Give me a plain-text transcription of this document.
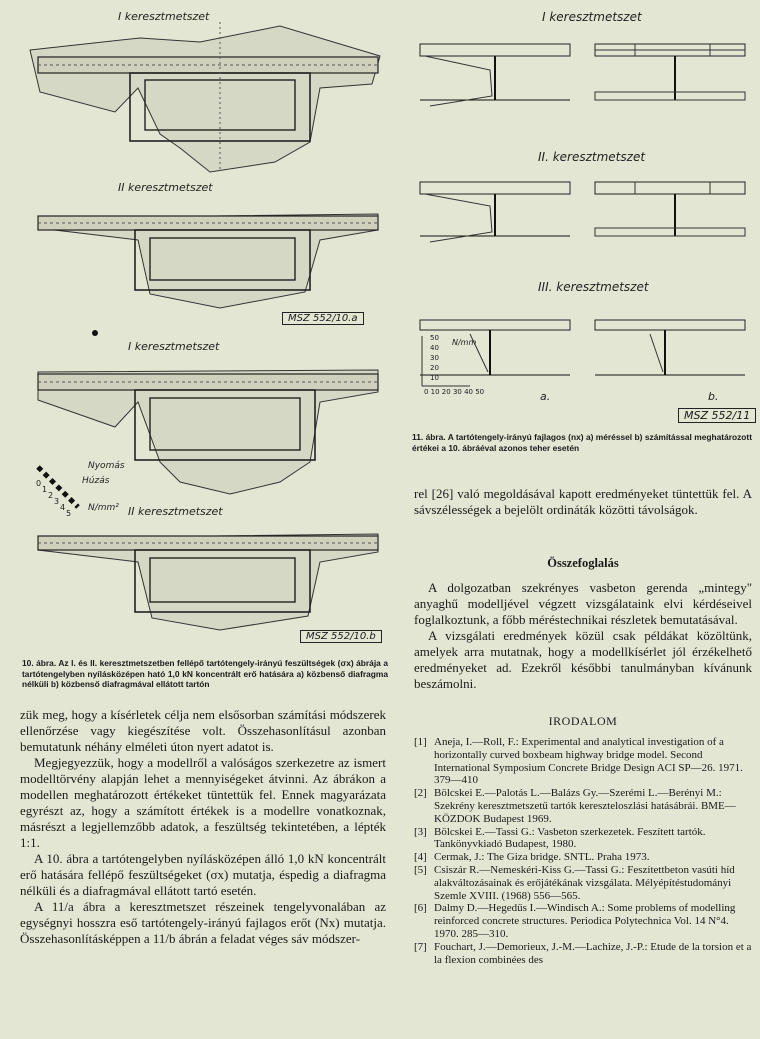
I keresztmetszet
II keresztmetszet
MSZ 552/10.a
I keresztmetszet
Nyomás
Húzás
N/mm²
0
1
2
3
4
5	II keresztmetszet
MSZ 552/10.b
10. ábra. Az I. és II. keresztmetszetben fellépő tartótengely-irányú feszültségek (σx) ábrája a tartótengelyben nyílásközépen ható 1,0 kN koncentrált erő hatására a) közbenső diafragma nélküli b) közbenső diafragmával ellátott tartón
I keresztmetszet
II. keresztmetszet
III. keresztmetszet
N/mm
50
40
30
20
10
0 10 20 30 40 50	a.	b.
MSZ 552/11
11. ábra. A tartótengely-irányú fajlagos (nx) a) méréssel b) számítással meghatározott értékei a 10. ábráéval azonos teher esetén

zük meg, hogy a kísérletek célja nem elsősorban számítási módszerek ellenőrzése vagy kiegészítése volt. Összehasonlításul azonban bemutatunk néhány elméleti úton nyert adatot is.

Megjegyezzük, hogy a modellről a valóságos szerkezetre az ismert modelltörvény alapján lehet a mennyiségeket átvinni. Az ábrákon a modellen meghatározott értékeket tüntettük fel. Ennek magyarázata egyrészt az, hogy a számított értékek is a modellre vonatkoznak, másrészt a legjellemzőbb adatok, a feszültség tekintetében, a lépték 1:1.

A 10. ábra a tartótengelyben nyílásközépen álló 1,0 kN koncentrált erő hatására fellépő feszültségeket (σx) mutatja, éspedig a diafragma nélküli és a diafragmával ellátott tartó esetén.

A 11/a ábra a keresztmetszet részeinek tengelyvonalában az egységnyi hosszra eső tartótengely-irányú fajlagos erőt (Nx) mutatja. Összehasonlításképpen a 11/b ábrán a feladat véges sáv módszer-

rel [26] való megoldásával kapott eredményeket tüntettük fel. A sávszélességek a bejelölt ordináták közötti távolságok.

Összefoglalás

A dolgozatban szekrényes vasbeton gerenda „mintegy" anyaghű modelljével végzett vizsgálataink elvi kérdéseivel foglalkoztunk, a főbb méréstechnikai részletek bemutatásával.

A vizsgálati eredmények közül csak példákat közöltünk, amelyek arra mutatnak, hogy a modellkísérlet jól érzékelhető eredményeket ad. Ezekről későbbi tanulmányban kívánunk beszámolni.

IRODALOM
[1] Aneja, I.—Roll, F.: Experimental and analytical investigation of a horizontally curved boxbeam highway bridge model. Second International Symposium Concrete Bridge Design ACI SP—26. 1971. 379—410
[2] Bölcskei E.—Palotás L.—Balázs Gy.—Szerémi L.—Berényi M.: Szekrény keresztmetszetű tartók kereszteloszlási hatásábrái. BME—KÖZDOK Budapest 1969.
[3] Bölcskei E.—Tassi G.: Vasbeton szerkezetek. Feszített tartók. Tankönyvkiadó Budapest, 1980.
[4] Cermak, J.: The Giza bridge. SNTL. Praha 1973.
[5] Csiszár R.—Nemeskéri-Kiss G.—Tassi G.: Feszítettbeton vasúti híd alakváltozásainak és erőjátékának vizsgálata. Mélyépítéstudományi Szemle XVIII. (1968) 556—565.
[6] Dalmy D.—Hegedűs I.—Windisch A.: Some problems of modelling reinforced concrete structures. Periodica Polytechnica Vol. 14 N°4. 1970. 285—310.
[7] Fouchart, J.—Demorieux, J.-M.—Lachize, J.-P.: Etude de la torsion et a la flexion combinées des
